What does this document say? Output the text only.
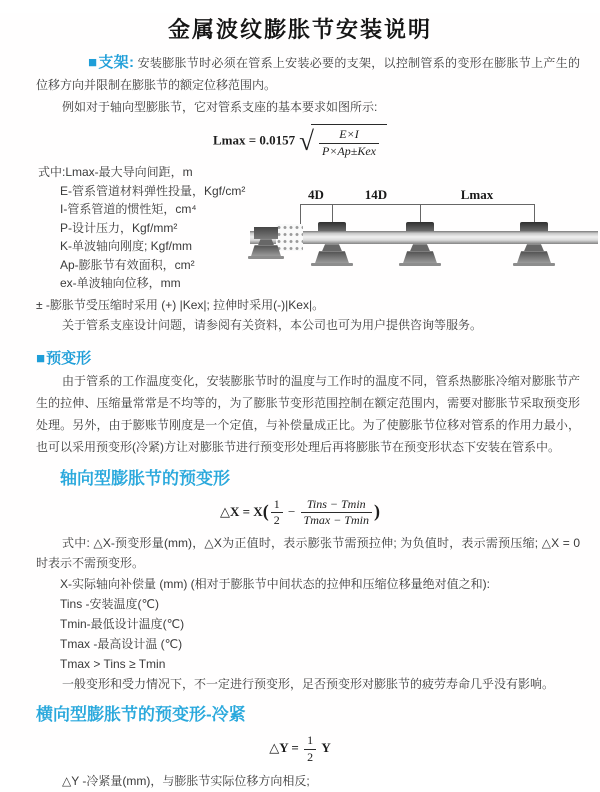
金属波纹膨胀节安装说明

■支架: 安装膨胀节时必须在管系上安装必要的支架，以控制管系的变形在膨胀节上产生的位移方向并限制在膨胀节的额定位移范围内。

例如对于轴向型膨胀节，它对管系支座的基本要求如图所示:

Lmax = 0.0157 √ $\frac{E\times I}{\text{P×Ap±Kex}}$
式中:Lmax-最大导向间距，m
E-管系管道材料弹性投量，Kgf/cm²
I-管系管道的惯性矩，cm⁴
P-设计压力，Kgf/mm²
K-单波轴向刚度; Kgf/mm
Ap-膨胀节有效面积，cm²
ex-单波轴向位移，mm
4D	14D	Lmax

± -膨胀节受压缩时采用 (+) |Kex|; 拉伸时采用(-)|Kex|。

关于管系支座设计问题，请参阅有关资料，本公司也可为用户提供咨询等服务。

■预变形

由于管系的工作温度变化，安装膨胀节时的温度与工作时的温度不同，管系热膨胀冷缩对膨胀节产生的拉伸、压缩量常常是不均等的，为了膨胀节变形范围控制在额定范围内，需要对膨胀节采取预变形处理。另外，由于膨账节刚度是一个定值，与补偿量成正比。为了使膨胀节位移对管系的作用力最小，也可以采用预变形(冷紧)方让对膨胀节进行预变形处理后再将膨胀节在预变形状态下安装在管系中。

轴向型膨胀节的预变形
△X = $X( \frac{1}{2} - \frac{\text{Tins − Tmin}}{Tmax - Tmin}$ )

式中: △X-预变形量(mm)，△X为正值时，表示膨张节需预拉伸; 为负值时，表示需预压缩; △X = 0时表示不需预变形。

X-实际轴向补偿量 (mm) (相对于膨胀节中间状态的拉伸和压缩位移量绝对值之和):
Tins -安装温度(℃)
Tmin-最低设计温度(℃)
Tmax -最高设计温 (℃)
Tmax > Tins ≥ Tmin

一般变形和受力情况下，不一定进行预变形，足否预变形对膨胀节的疲劳寿命几乎没有影响。

横向型膨胀节的预变形-冷紧
△Y = $\frac{1}{2}$ Y

△Y -冷紧量(mm)，与膨胀节实际位移方向相反;
